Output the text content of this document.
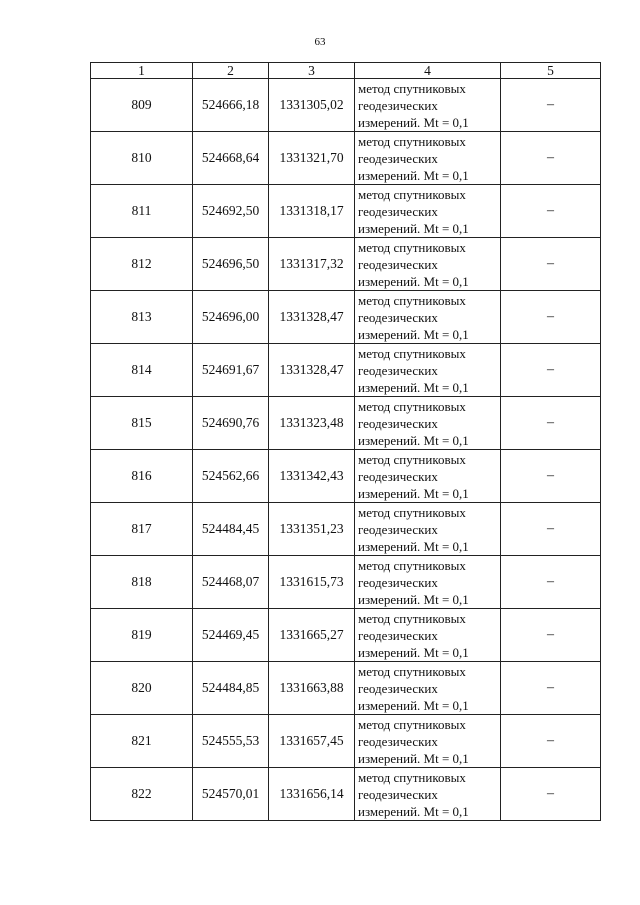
63
1	2	3	4	5
809	524666,18	1331305,02	метод спутниковых
геодезических
измерений. Mt = 0,1	–
810	524668,64	1331321,70	метод спутниковых
геодезических
измерений. Mt = 0,1	–
811	524692,50	1331318,17	метод спутниковых
геодезических
измерений. Mt = 0,1	–
812	524696,50	1331317,32	метод спутниковых
геодезических
измерений. Mt = 0,1	–
813	524696,00	1331328,47	метод спутниковых
геодезических
измерений. Mt = 0,1	–
814	524691,67	1331328,47	метод спутниковых
геодезических
измерений. Mt = 0,1	–
815	524690,76	1331323,48	метод спутниковых
геодезических
измерений. Mt = 0,1	–
816	524562,66	1331342,43	метод спутниковых
геодезических
измерений. Mt = 0,1	–
817	524484,45	1331351,23	метод спутниковых
геодезических
измерений. Mt = 0,1	–
818	524468,07	1331615,73	метод спутниковых
геодезических
измерений. Mt = 0,1	–
819	524469,45	1331665,27	метод спутниковых
геодезических
измерений. Mt = 0,1	–
820	524484,85	1331663,88	метод спутниковых
геодезических
измерений. Mt = 0,1	–
821	524555,53	1331657,45	метод спутниковых
геодезических
измерений. Mt = 0,1	–
822	524570,01	1331656,14	метод спутниковых
геодезических
измерений. Mt = 0,1	–
